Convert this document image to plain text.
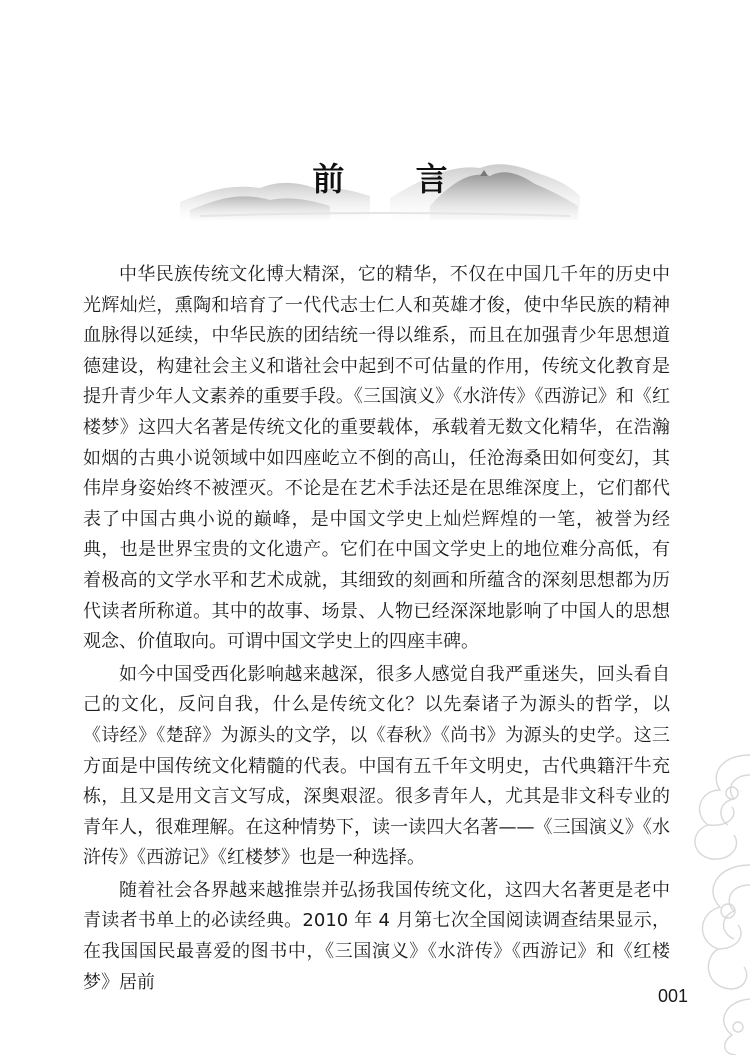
前 言

中华民族传统文化博大精深，它的精华，不仅在中国几千年的历史中光辉灿烂，熏陶和培育了一代代志士仁人和英雄才俊，使中华民族的精神血脉得以延续，中华民族的团结统一得以维系，而且在加强青少年思想道德建设，构建社会主义和谐社会中起到不可估量的作用，传统文化教育是提升青少年人文素养的重要手段。《三国演义》《水浒传》《西游记》和《红楼梦》这四大名著是传统文化的重要载体，承载着无数文化精华，在浩瀚如烟的古典小说领域中如四座屹立不倒的高山，任沧海桑田如何变幻，其伟岸身姿始终不被湮灭。不论是在艺术手法还是在思维深度上，它们都代表了中国古典小说的巅峰，是中国文学史上灿烂辉煌的一笔，被誉为经典，也是世界宝贵的文化遗产。它们在中国文学史上的地位难分高低，有着极高的文学水平和艺术成就，其细致的刻画和所蕴含的深刻思想都为历代读者所称道。其中的故事、场景、人物已经深深地影响了中国人的思想观念、价值取向。可谓中国文学史上的四座丰碑。

如今中国受西化影响越来越深，很多人感觉自我严重迷失，回头看自己的文化，反问自我，什么是传统文化？以先秦诸子为源头的哲学，以《诗经》《楚辞》为源头的文学，以《春秋》《尚书》为源头的史学。这三方面是中国传统文化精髓的代表。中国有五千年文明史，古代典籍汗牛充栋，且又是用文言文写成，深奥艰涩。很多青年人，尤其是非文科专业的青年人，很难理解。在这种情势下，读一读四大名著——《三国演义》《水浒传》《西游记》《红楼梦》也是一种选择。

随着社会各界越来越推崇并弘扬我国传统文化，这四大名著更是老中青读者书单上的必读经典。2010 年 4 月第七次全国阅读调查结果显示，在我国国民最喜爱的图书中，《三国演义》《水浒传》《西游记》和《红楼梦》居前

001
